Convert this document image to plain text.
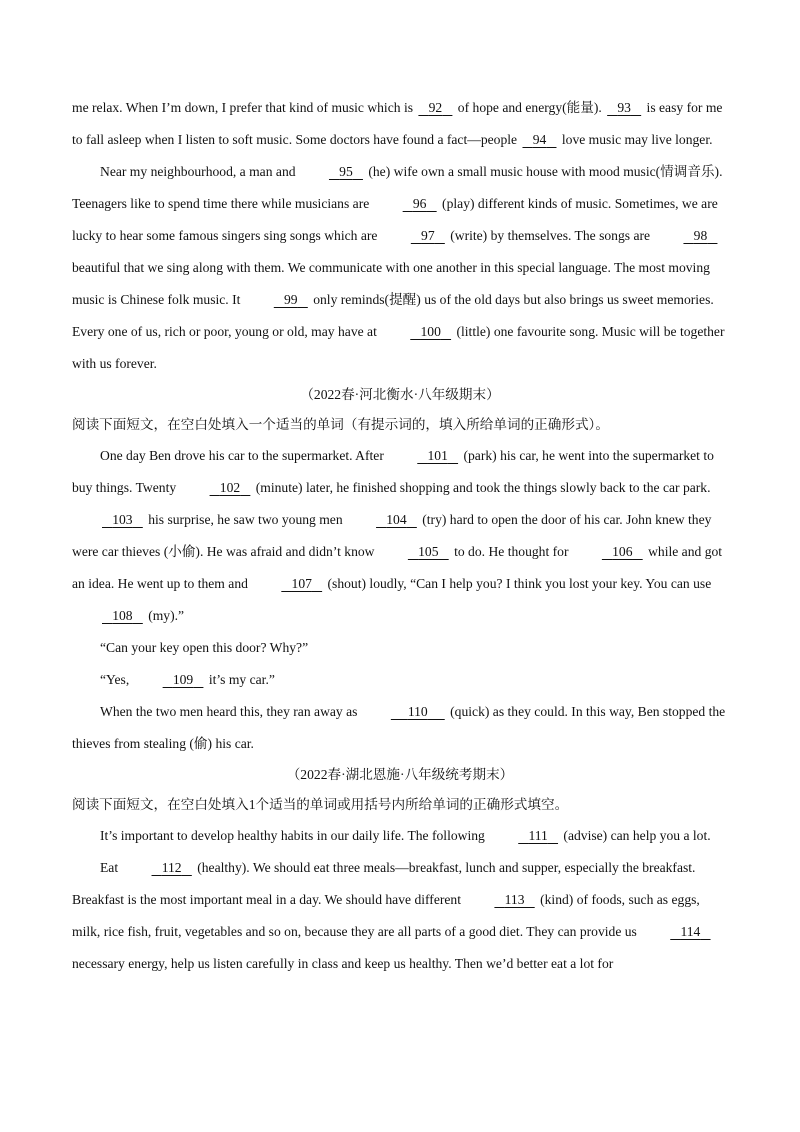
me relax. When I’m down, I prefer that kind of music which is    92    of hope and energy(能量).    93    is easy for me to fall asleep when I listen to soft music. Some doctors have found a fact—people    94    love music may live longer.

Near my neighbourhood, a man and	95    (he) wife own a small music house with mood music(情调音乐). Teenagers like to spend time there while musicians are	96    (play) different kinds of music. Sometimes, we are lucky to hear some famous singers sing songs which are	97    (write) by themselves. The songs are	98    beautiful that we sing along with them. We communicate with one another in this special language. The most moving music is Chinese folk music. It	99    only reminds(提醒) us of the old days but also brings us sweet memories. Every one of us, rich or poor, young or old, may have at	100    (little) one favourite song. Music will be together with us forever.

（2022春·河北衡水·八年级期末）

阅读下面短文，在空白处填入一个适当的单词（有提示词的，填入所给单词的正确形式）。

One day Ben drove his car to the supermarket. After	101    (park) his car, he went into the supermarket to buy things. Twenty	102    (minute) later, he finished shopping and took the things slowly back to the car park.    103    his surprise, he saw two young men	104    (try) hard to open the door of his car. John knew they were car thieves (小偷). He was afraid and didn’t know	105    to do. He thought for	106    while and got an idea. He went up to them and	107    (shout) loudly, “Can I help you? I think you lost your key. You can use    108    (my).”

“Can your key open this door? Why?”

“Yes,	109    it’s my car.”

When the two men heard this, they ran away as	110      (quick) as they could. In this way, Ben stopped the thieves from stealing (偷) his car.

（2022春·湖北恩施·八年级统考期末）

阅读下面短文，在空白处填入1个适当的单词或用括号内所给单词的正确形式填空。

It’s important to develop healthy habits in our daily life. The following	111    (advise) can help you a lot.

Eat	112    (healthy). We should eat three meals—breakfast, lunch and supper, especially the breakfast. Breakfast is the most important meal in a day. We should have different	113    (kind) of foods, such as eggs, milk, rice fish, fruit, vegetables and so on, because they are all parts of a good diet. They can provide us	114    necessary energy, help us listen carefully in class and keep us healthy. Then we’d better eat a lot for
